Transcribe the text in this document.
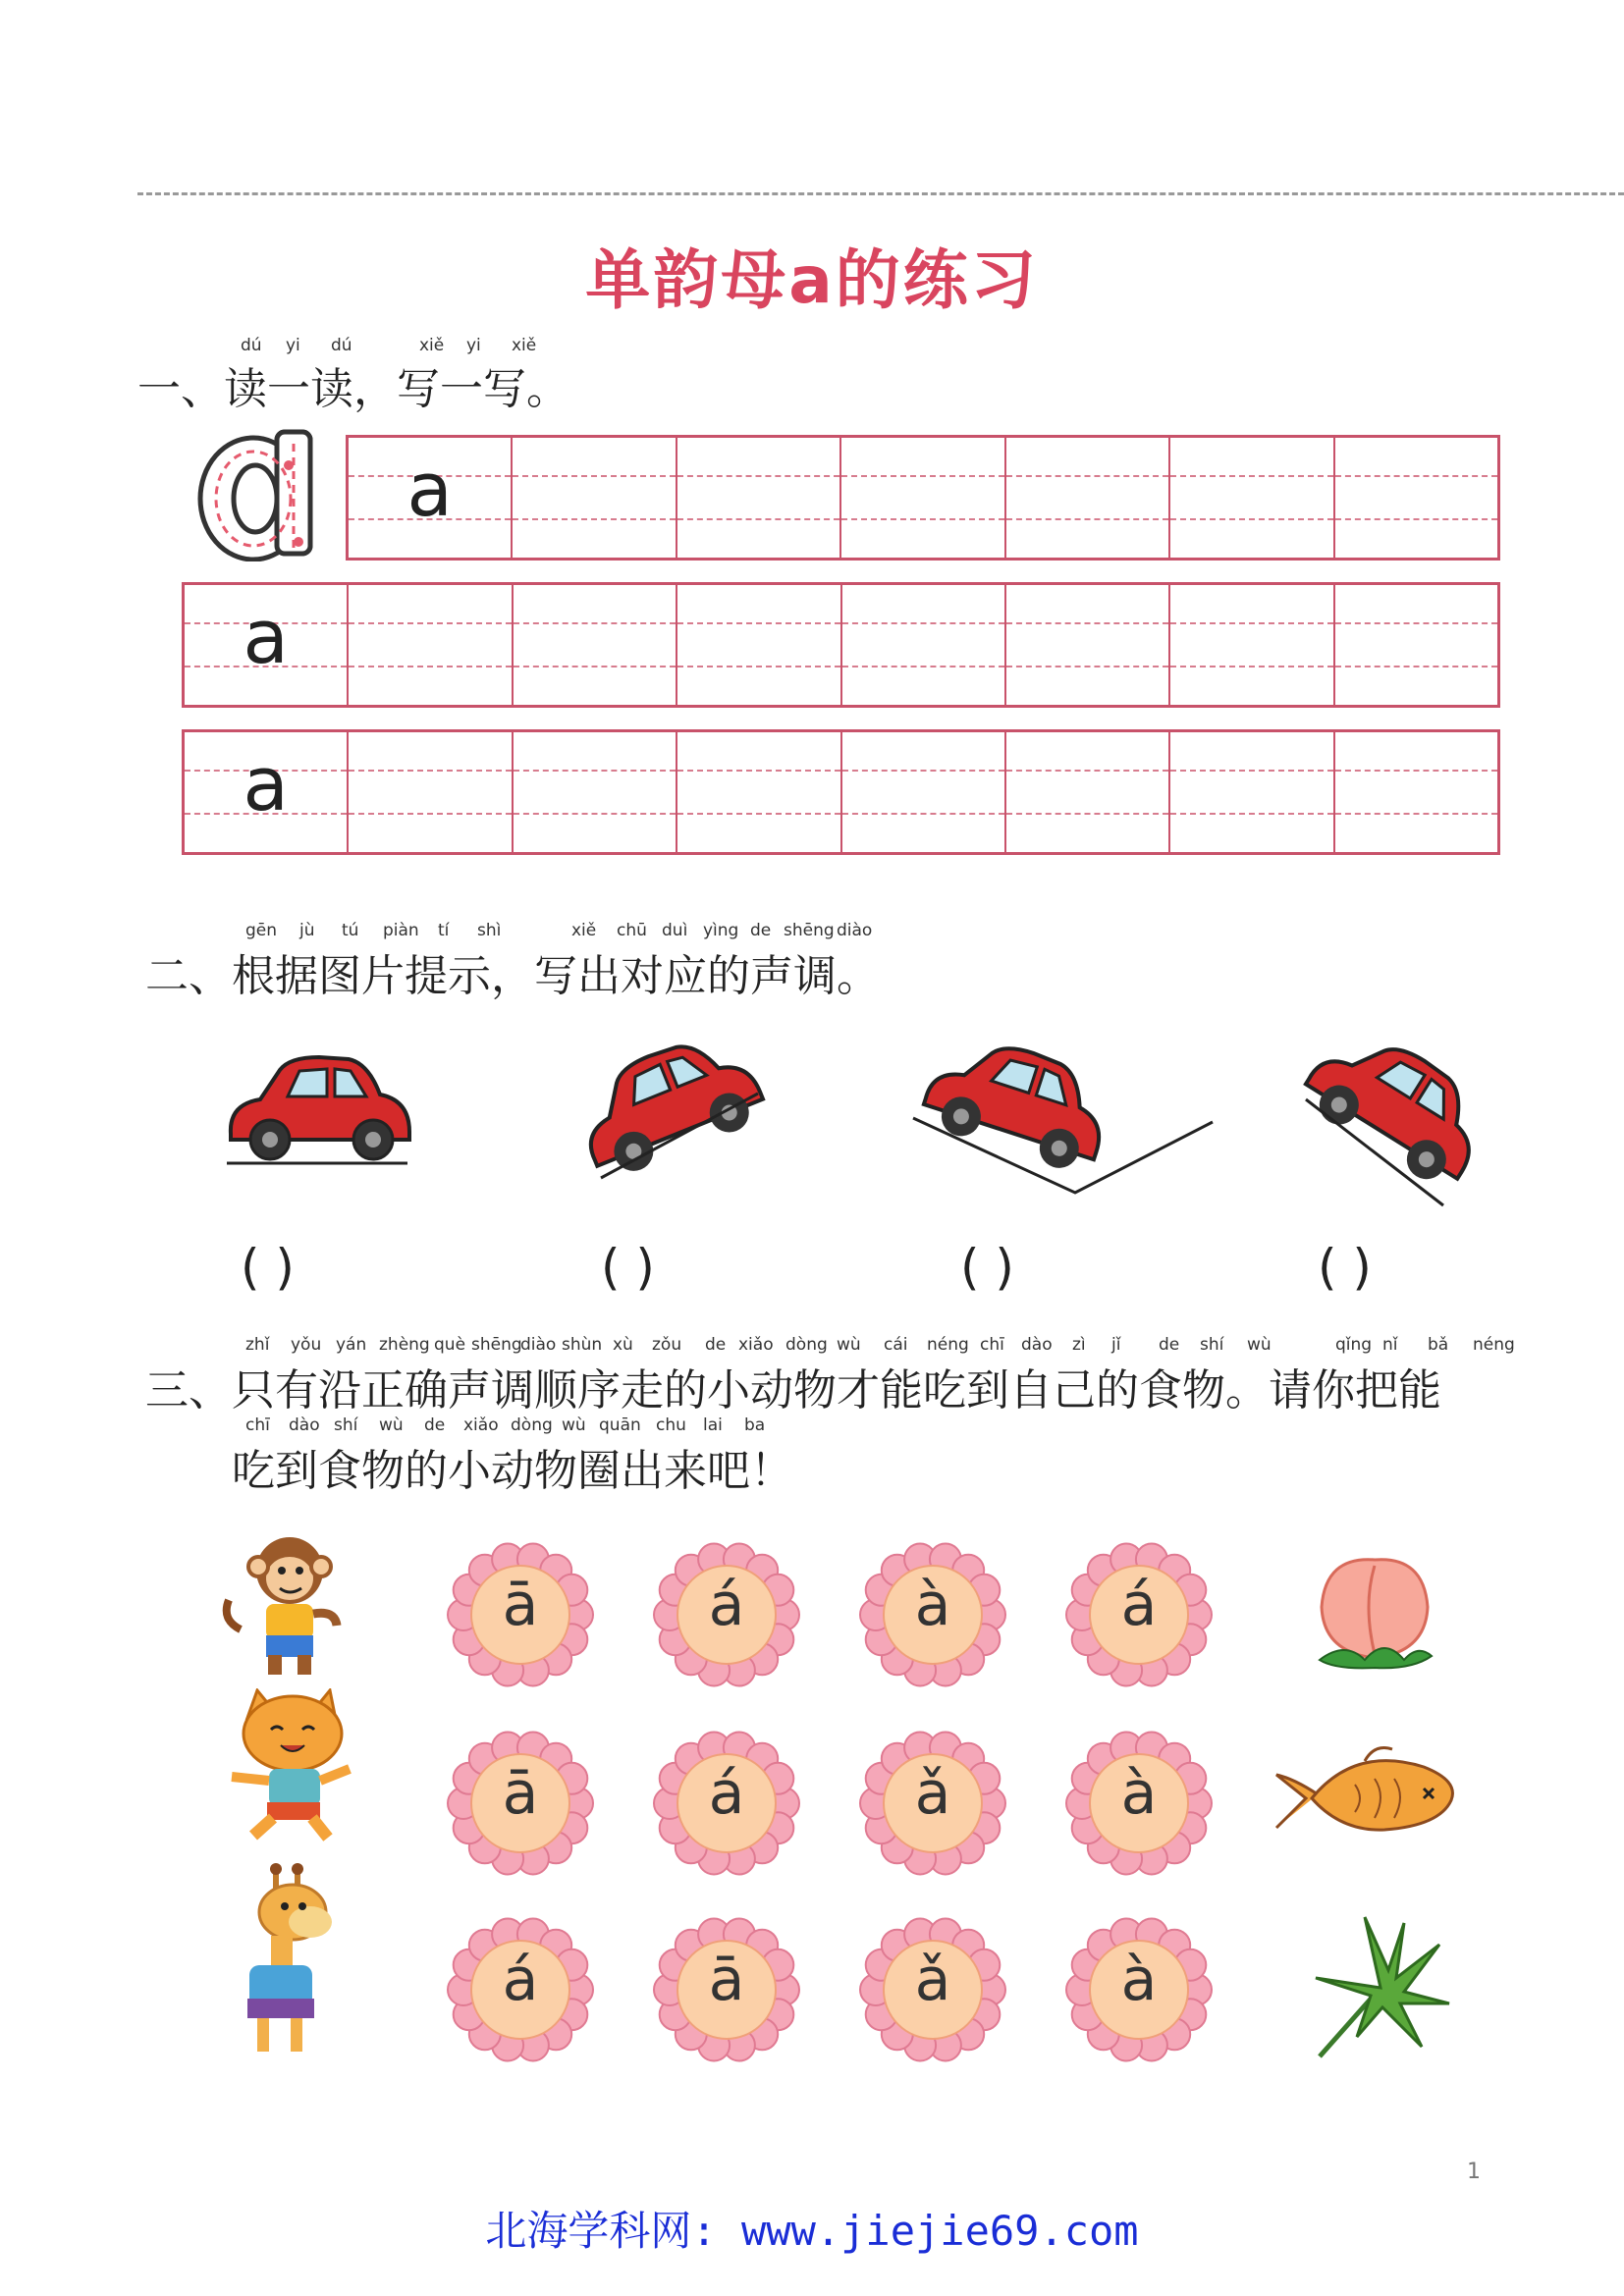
单韵母a的练习
dú yi dú	xiě yi xiě
一、读一读，写一写。
a
a
a
gēn jù tú piàn tí shì	xiě chū duì yìng de shēng diào
二、根据图片提示，写出对应的声调。
( )	( )	( )	( )
zhǐ yǒu yán zhèng què shēng
diào shùn xù zǒu de xiǎo dòng wù cái néng chī dào zì jǐ de shí wù	qǐng nǐ bǎ néng
三、只有沿正确声调顺序走的小动物才能吃到自己的食物。请你把能
chī dào shí wù de xiǎo dòng wù quān chu lai ba
吃到食物的小动物圈出来吧！
ā	á	à	á
ā	á	ǎ	à
á	ā	ǎ	à
1
北海学科网: www.jiejie69.com
